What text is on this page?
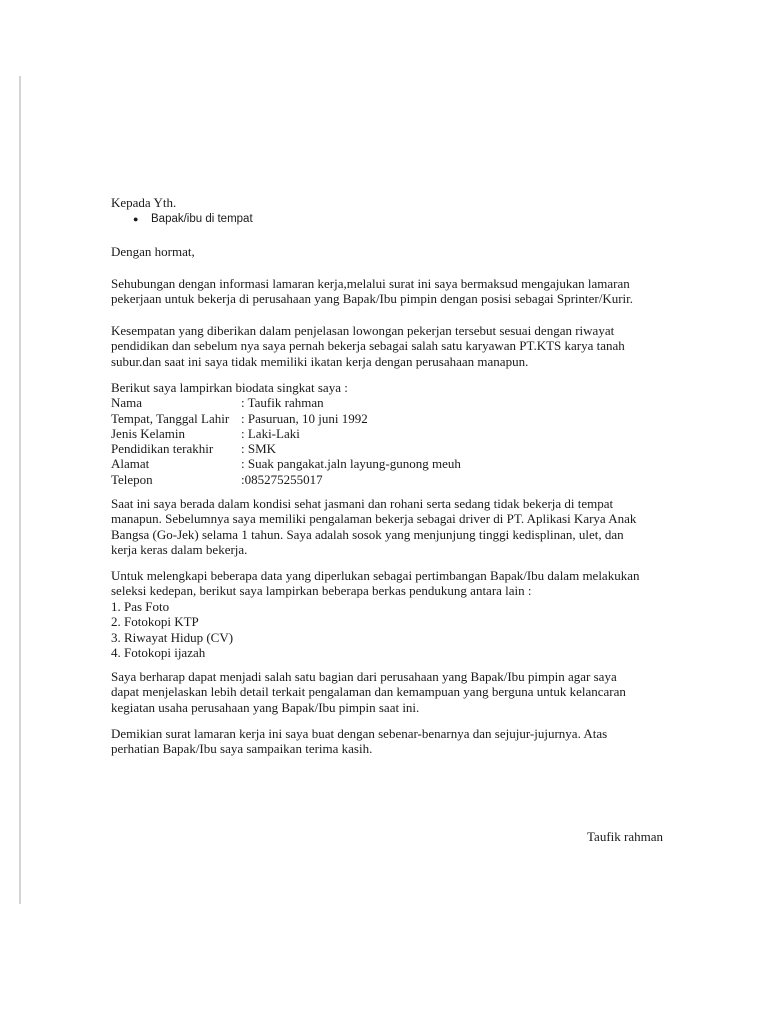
Kepada Yth.
● Bapak/ibu di tempat
Dengan hormat,
Sehubungan dengan informasi lamaran kerja,melalui surat ini saya bermaksud mengajukan lamaran
pekerjaan untuk bekerja di perusahaan yang Bapak/Ibu pimpin dengan posisi sebagai Sprinter/Kurir.
Kesempatan yang diberikan dalam penjelasan lowongan pekerjan tersebut sesuai dengan riwayat
pendidikan dan sebelum nya saya pernah bekerja sebagai salah satu karyawan PT.KTS karya tanah
subur.dan saat ini saya tidak memiliki ikatan kerja dengan perusahaan manapun.
Berikut saya lampirkan biodata singkat saya :
Nama	: Taufik rahman
Tempat, Tanggal Lahir : Pasuruan, 10 juni 1992
Jenis Kelamin	: Laki-Laki
Pendidikan terakhir	: SMK
Alamat	: Suak pangakat.jaln layung-gunong meuh
Telepon	:085275255017
Saat ini saya berada dalam kondisi sehat jasmani dan rohani serta sedang tidak bekerja di tempat
manapun. Sebelumnya saya memiliki pengalaman bekerja sebagai driver di PT. Aplikasi Karya Anak
Bangsa (Go-Jek) selama 1 tahun. Saya adalah sosok yang menjunjung tinggi kedisplinan, ulet, dan
kerja keras dalam bekerja.
Untuk melengkapi beberapa data yang diperlukan sebagai pertimbangan Bapak/Ibu dalam melakukan
seleksi kedepan, berikut saya lampirkan beberapa berkas pendukung antara lain :
1. Pas Foto
2. Fotokopi KTP
3. Riwayat Hidup (CV)
4. Fotokopi ijazah
Saya berharap dapat menjadi salah satu bagian dari perusahaan yang Bapak/Ibu pimpin agar saya
dapat menjelaskan lebih detail terkait pengalaman dan kemampuan yang berguna untuk kelancaran
kegiatan usaha perusahaan yang Bapak/Ibu pimpin saat ini.
Demikian surat lamaran kerja ini saya buat dengan sebenar-benarnya dan sejujur-jujurnya. Atas
perhatian Bapak/Ibu saya sampaikan terima kasih.
Taufik rahman
